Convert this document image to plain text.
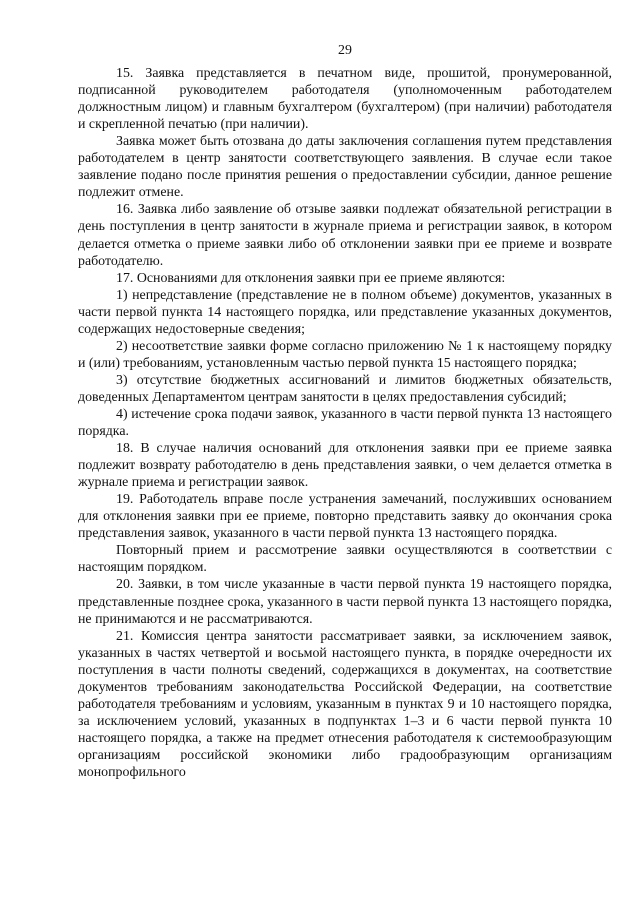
29

15. Заявка представляется в печатном виде, прошитой, пронумерованной, подписанной руководителем работодателя (уполномоченным работодателем должностным лицом) и главным бухгалтером (бухгалтером) (при наличии) работодателя и скрепленной печатью (при наличии).

Заявка может быть отозвана до даты заключения соглашения путем представления работодателем в центр занятости соответствующего заявления. В случае если такое заявление подано после принятия решения о предоставлении субсидии, данное решение подлежит отмене.

16. Заявка либо заявление об отзыве заявки подлежат обязательной регистрации в день поступления в центр занятости в журнале приема и регистрации заявок, в котором делается отметка о приеме заявки либо об отклонении заявки при ее приеме и возврате работодателю.

17. Основаниями для отклонения заявки при ее приеме являются:

1) непредставление (представление не в полном объеме) документов, указанных в части первой пункта 14 настоящего порядка, или представление указанных документов, содержащих недостоверные сведения;

2) несоответствие заявки форме согласно приложению № 1 к настоящему порядку и (или) требованиям, установленным частью первой пункта 15 настоящего порядка;

3) отсутствие бюджетных ассигнований и лимитов бюджетных обязательств, доведенных Департаментом центрам занятости в целях предоставления субсидий;

4) истечение срока подачи заявок, указанного в части первой пункта 13 настоящего порядка.

18. В случае наличия оснований для отклонения заявки при ее приеме заявка подлежит возврату работодателю в день представления заявки, о чем делается отметка в журнале приема и регистрации заявок.

19. Работодатель вправе после устранения замечаний, послуживших основанием для отклонения заявки при ее приеме, повторно представить заявку до окончания срока представления заявок, указанного в части первой пункта 13 настоящего порядка.

Повторный прием и рассмотрение заявки осуществляются в соответствии с настоящим порядком.

20. Заявки, в том числе указанные в части первой пункта 19 настоящего порядка, представленные позднее срока, указанного в части первой пункта 13 настоящего порядка, не принимаются и не рассматриваются.

21. Комиссия центра занятости рассматривает заявки, за исключением заявок, указанных в частях четвертой и восьмой настоящего пункта, в порядке очередности их поступления в части полноты сведений, содержащихся в документах, на соответствие документов требованиям законодательства Российской Федерации, на соответствие работодателя требованиям и условиям, указанным в пунктах 9 и 10 настоящего порядка, за исключением условий, указанных в подпунктах 1–3 и 6 части первой пункта 10 настоящего порядка, а также на предмет отнесения работодателя к системообразующим организациям российской экономики либо градообразующим организациям монопрофильного
